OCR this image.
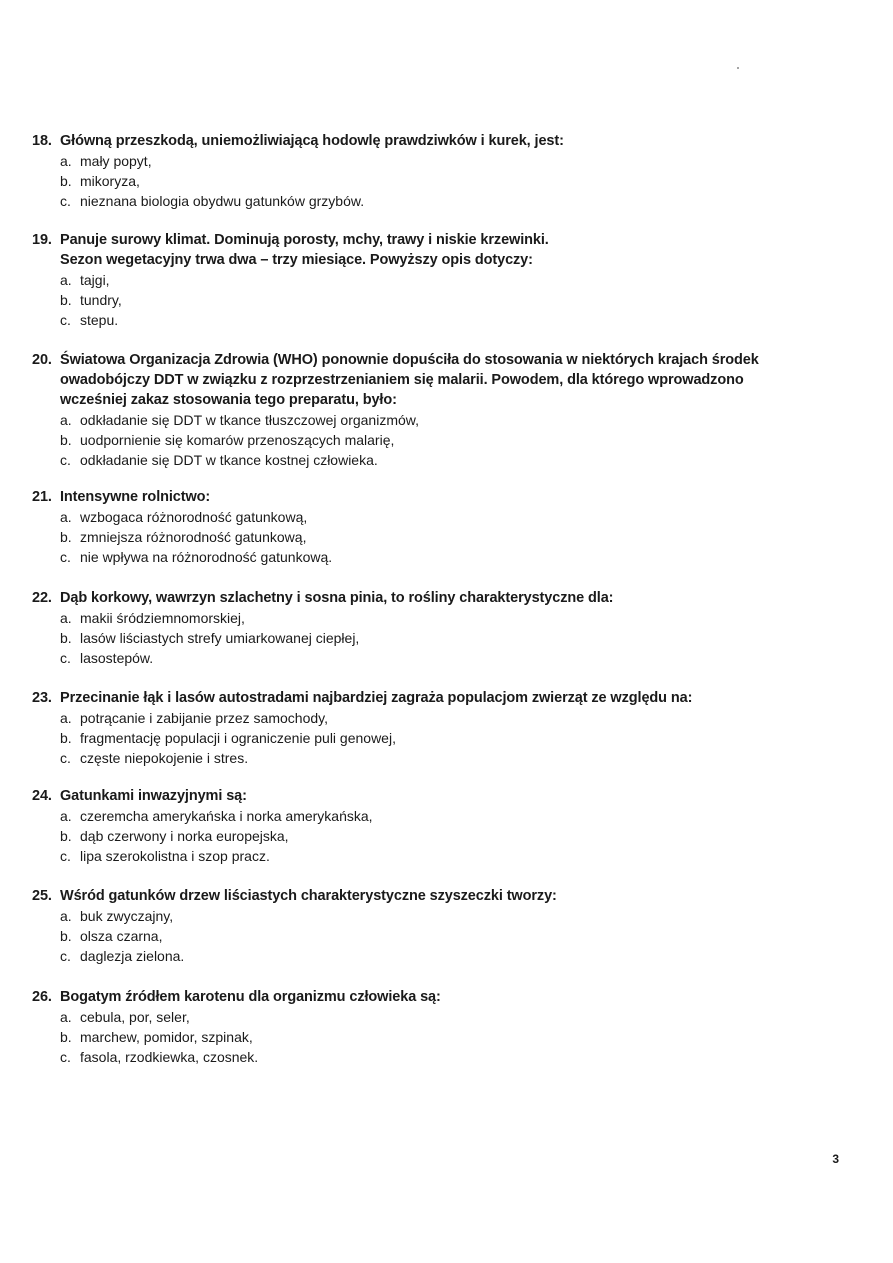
18. Główną przeszkodą, uniemożliwiającą hodowlę prawdziwków i kurek, jest:
a. mały popyt,
b. mikoryza,
c. nieznana biologia obydwu gatunków grzybów.
19. Panuje surowy klimat. Dominują porosty, mchy, trawy i niskie krzewinki.
Sezon wegetacyjny trwa dwa – trzy miesiące. Powyższy opis dotyczy:
a. tajgi,
b. tundry,
c. stepu.
20. Światowa Organizacja Zdrowia (WHO) ponownie dopuściła do stosowania w niektórych krajach środek
owadobójczy DDT w związku z rozprzestrzenianiem się malarii. Powodem, dla którego wprowadzono
wcześniej zakaz stosowania tego preparatu, było:
a. odkładanie się DDT w tkance tłuszczowej organizmów,
b. uodpornienie się komarów przenoszących malarię,
c. odkładanie się DDT w tkance kostnej człowieka.
21. Intensywne rolnictwo:
a. wzbogaca różnorodność gatunkową,
b. zmniejsza różnorodność gatunkową,
c. nie wpływa na różnorodność gatunkową.
22. Dąb korkowy, wawrzyn szlachetny i sosna pinia, to rośliny charakterystyczne dla:
a. makii śródziemnomorskiej,
b. lasów liściastych strefy umiarkowanej ciepłej,
c. lasostepów.
23. Przecinanie łąk i lasów autostradami najbardziej zagraża populacjom zwierząt ze względu na:
a. potrącanie i zabijanie przez samochody,
b. fragmentację populacji i ograniczenie puli genowej,
c. częste niepokojenie i stres.
24. Gatunkami inwazyjnymi są:
a. czeremcha amerykańska i norka amerykańska,
b. dąb czerwony i norka europejska,
c. lipa szerokolistna i szop pracz.
25. Wśród gatunków drzew liściastych charakterystyczne szyszeczki tworzy:
a. buk zwyczajny,
b. olsza czarna,
c. daglezja zielona.
26. Bogatym źródłem karotenu dla organizmu człowieka są:
a. cebula, por, seler,
b. marchew, pomidor, szpinak,
c. fasola, rzodkiewka, czosnek.
3
